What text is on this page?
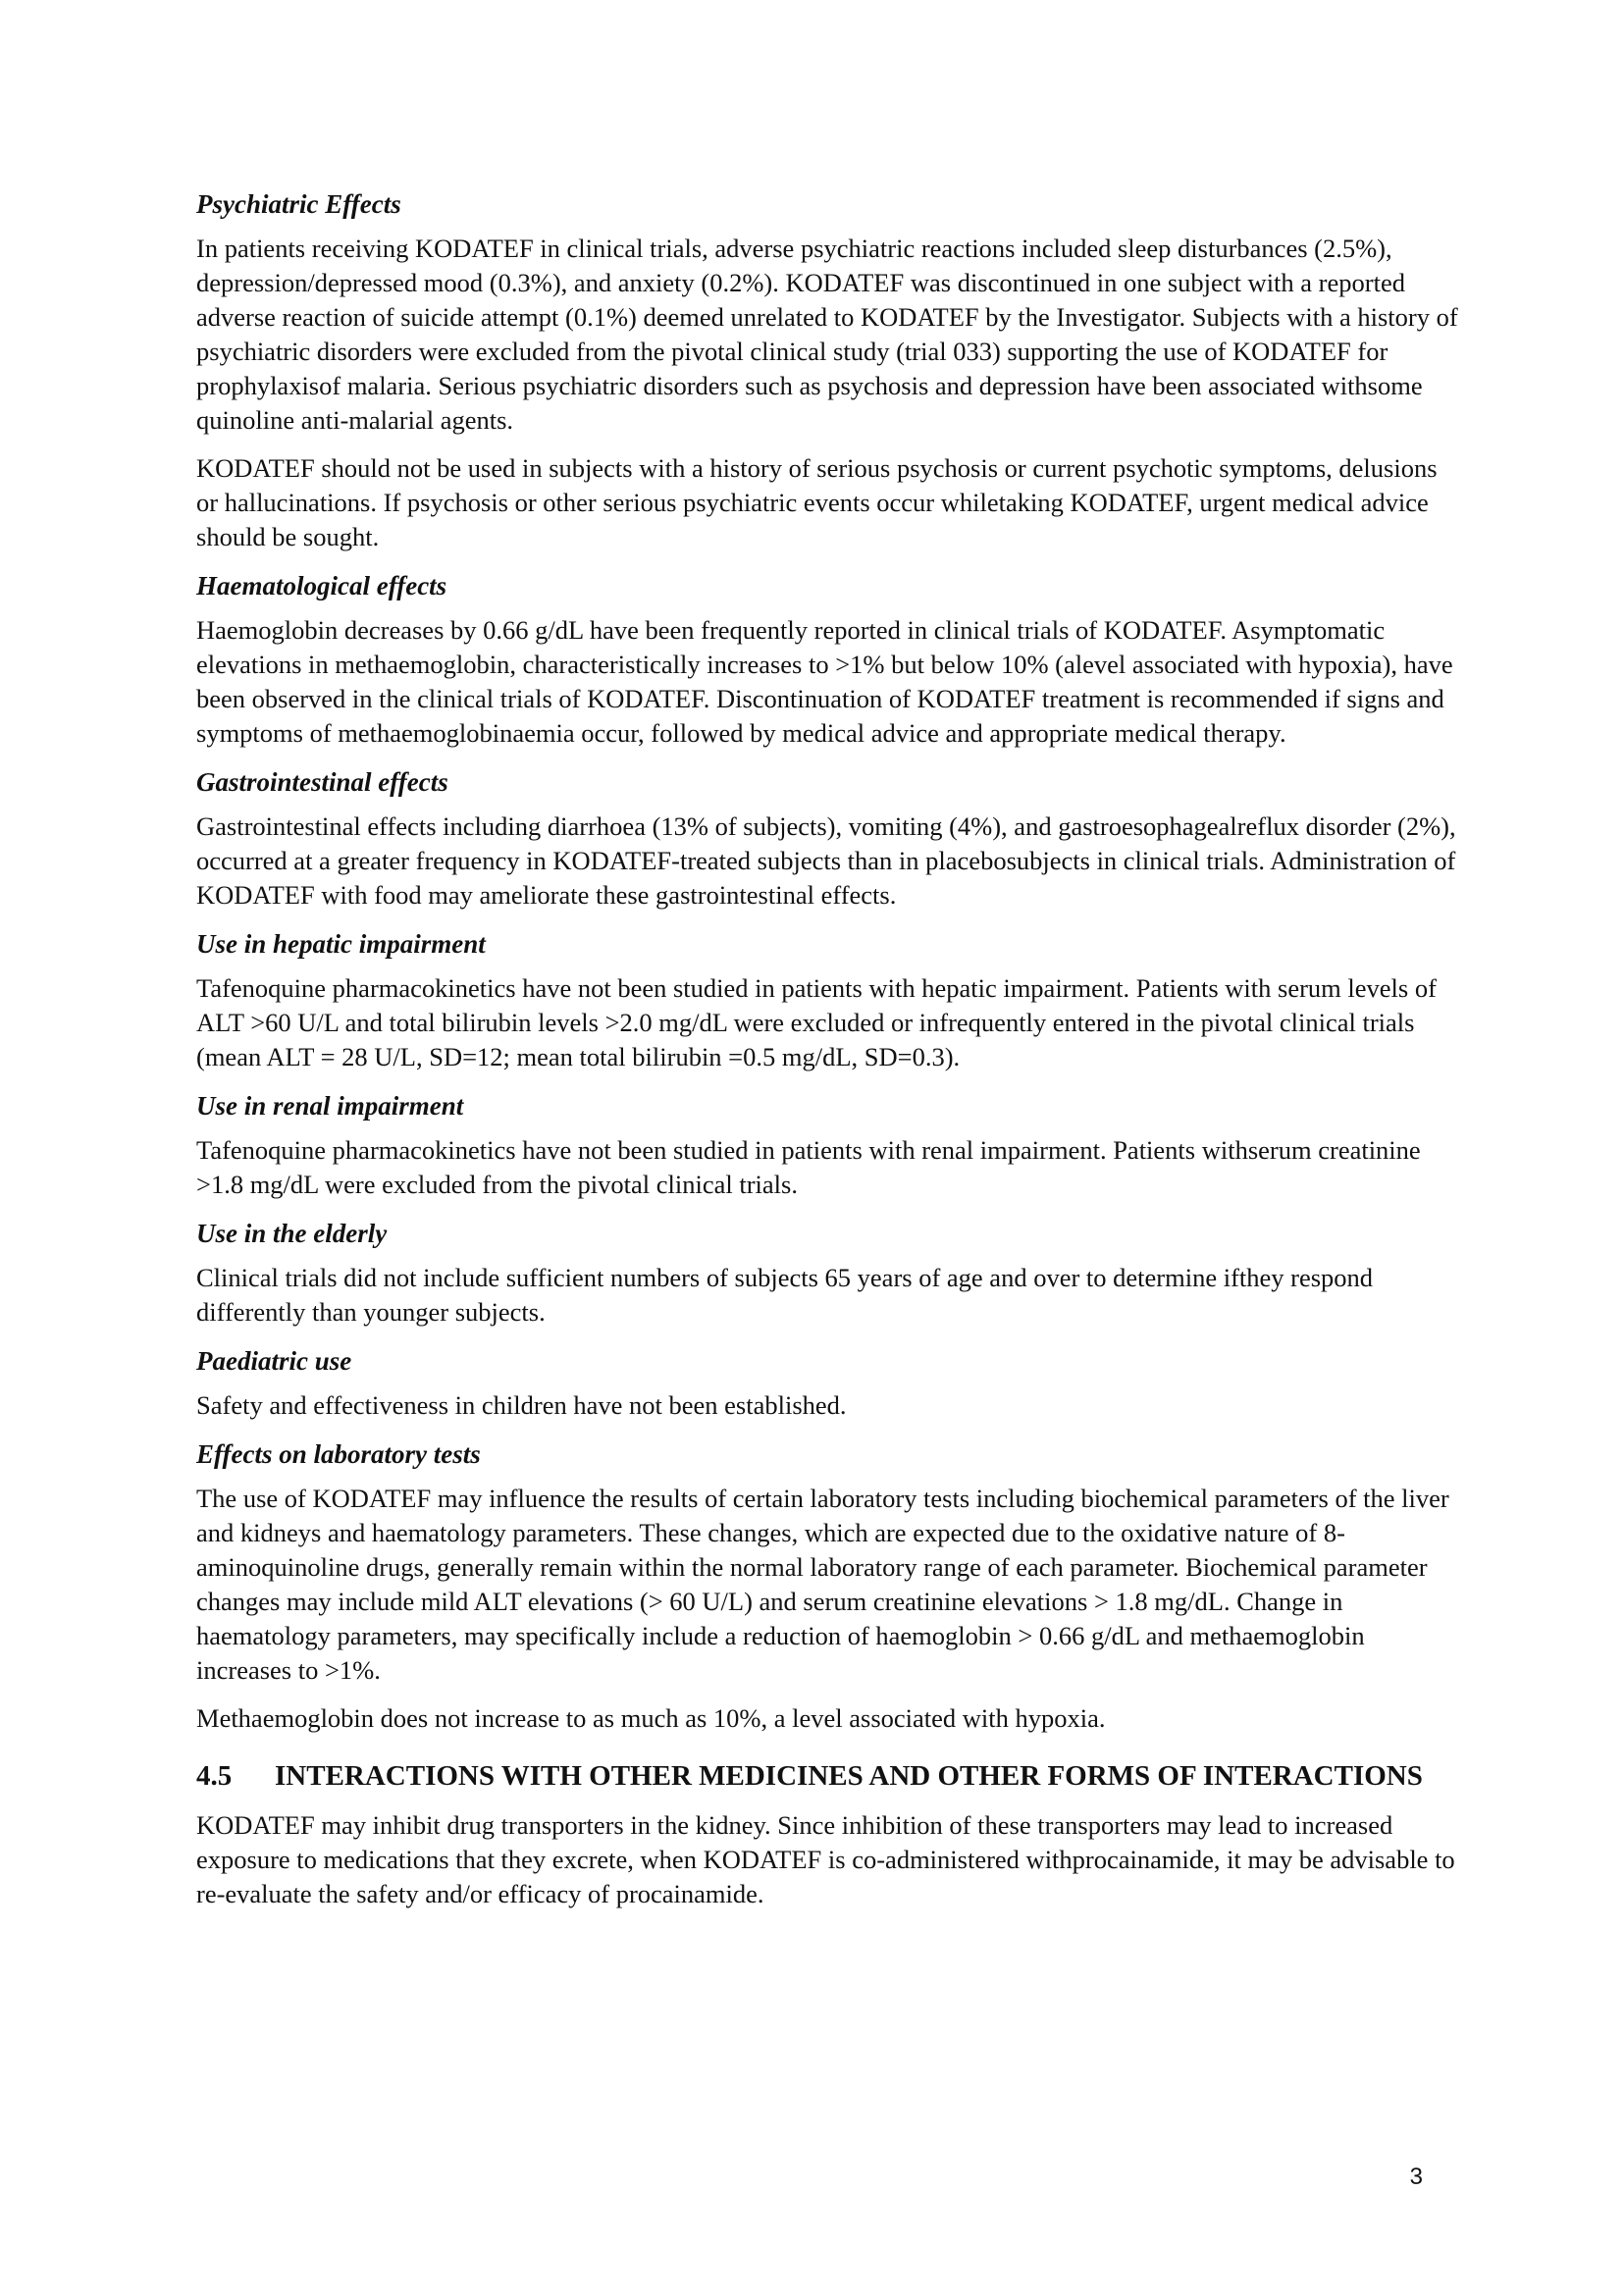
Psychiatric Effects

In patients receiving KODATEF in clinical trials, adverse psychiatric reactions included sleep disturbances (2.5%), depression/depressed mood (0.3%), and anxiety (0.2%). KODATEF was discontinued in one subject with a reported adverse reaction of suicide attempt (0.1%) deemed unrelated to KODATEF by the Investigator. Subjects with a history of psychiatric disorders were excluded from the pivotal clinical study (trial 033) supporting the use of KODATEF for prophylaxisof malaria. Serious psychiatric disorders such as psychosis and depression have been associated withsome quinoline anti-malarial agents.

KODATEF should not be used in subjects with a history of serious psychosis or current psychotic symptoms, delusions or hallucinations. If psychosis or other serious psychiatric events occur whiletaking KODATEF, urgent medical advice should be sought.

Haematological effects

Haemoglobin decreases by 0.66 g/dL have been frequently reported in clinical trials of KODATEF. Asymptomatic elevations in methaemoglobin, characteristically increases to >1% but below 10% (alevel associated with hypoxia), have been observed in the clinical trials of KODATEF. Discontinuation of KODATEF treatment is recommended if signs and symptoms of methaemoglobinaemia occur, followed by medical advice and appropriate medical therapy.

Gastrointestinal effects

Gastrointestinal effects including diarrhoea (13% of subjects), vomiting (4%), and gastroesophagealreflux disorder (2%), occurred at a greater frequency in KODATEF-treated subjects than in placebosubjects in clinical trials. Administration of KODATEF with food may ameliorate these gastrointestinal effects.

Use in hepatic impairment

Tafenoquine pharmacokinetics have not been studied in patients with hepatic impairment. Patients with serum levels of ALT >60 U/L and total bilirubin levels >2.0 mg/dL were excluded or infrequently entered in the pivotal clinical trials (mean ALT = 28 U/L, SD=12; mean total bilirubin =0.5 mg/dL, SD=0.3).

Use in renal impairment

Tafenoquine pharmacokinetics have not been studied in patients with renal impairment. Patients withserum creatinine >1.8 mg/dL were excluded from the pivotal clinical trials.

Use in the elderly

Clinical trials did not include sufficient numbers of subjects 65 years of age and over to determine ifthey respond differently than younger subjects.

Paediatric use

Safety and effectiveness in children have not been established.

Effects on laboratory tests

The use of KODATEF may influence the results of certain laboratory tests including biochemical parameters of the liver and kidneys and haematology parameters. These changes, which are expected due to the oxidative nature of 8-aminoquinoline drugs, generally remain within the normal laboratory range of each parameter. Biochemical parameter changes may include mild ALT elevations (> 60 U/L) and serum creatinine elevations > 1.8 mg/dL. Change in haematology parameters, may specifically include a reduction of haemoglobin > 0.66 g/dL and methaemoglobin increases to >1%.

Methaemoglobin does not increase to as much as 10%, a level associated with hypoxia.

4.5	INTERACTIONS WITH OTHER MEDICINES AND OTHER FORMS OF INTERACTIONS

KODATEF may inhibit drug transporters in the kidney. Since inhibition of these transporters may lead to increased exposure to medications that they excrete, when KODATEF is co-administered withprocainamide, it may be advisable to re-evaluate the safety and/or efficacy of procainamide.

3
